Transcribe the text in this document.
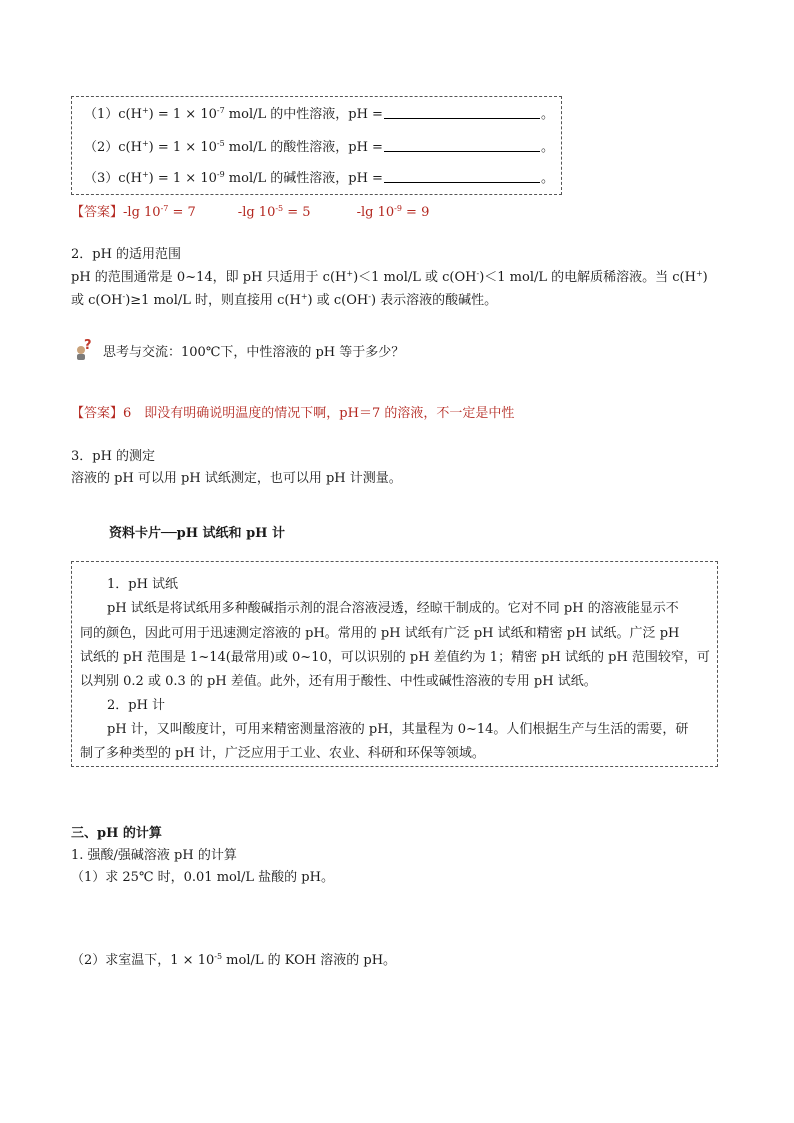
$(1)c(H^+) = 1 \times 10^{-7}$ mol/L 的中性溶液，pH =	。
$(2)c(H^+) = 1 \times 10^{-5}$ mol/L 的酸性溶液，pH =	。
$(3)c(H^+) = 1 \times 10^{-9}$ mol/L 的碱性溶液，pH =	。
【答案】-lg $10^{-7} = 7$	-lg $10^{-5} = 5$	-lg $10^{-9} = 9$
2．pH 的适用范围
pH 的范围通常是 0~14，即 pH 只适用于 c(H+)＜1 mol/L 或 c(OH-)＜1 mol/L 的电解质稀溶液。当 c(H+)
或 c(OH-)≥1 mol/L 时，则直接用 c(H+) 或 c(OH-) 表示溶液的酸碱性。
? 思考与交流：100℃下，中性溶液的 pH 等于多少？
【答案】6　即没有明确说明温度的情况下啊，pH＝7 的溶液，不一定是中性
3．pH 的测定
溶液的 pH 可以用 pH 试纸测定，也可以用 pH 计测量。
资料卡片──pH 试纸和 pH 计
1．pH 试纸
pH 试纸是将试纸用多种酸碱指示剂的混合溶液浸透，经晾干制成的。它对不同 pH 的溶液能显示不
同的颜色，因此可用于迅速测定溶液的 pH。常用的 pH 试纸有广泛 pH 试纸和精密 pH 试纸。广泛 pH
试纸的 pH 范围是 1~14(最常用)或 0~10，可以识别的 pH 差值约为 1；精密 pH 试纸的 pH 范围较窄，可
以判别 0.2 或 0.3 的 pH 差值。此外，还有用于酸性、中性或碱性溶液的专用 pH 试纸。
2．pH 计
pH 计，又叫酸度计，可用来精密测量溶液的 pH，其量程为 0~14。人们根据生产与生活的需要，研
制了多种类型的 pH 计，广泛应用于工业、农业、科研和环保等领域。
三、pH 的计算
1. 强酸/强碱溶液 pH 的计算
（1）求 25℃ 时，0.01 mol/L 盐酸的 pH。
（2）求室温下，$1 \times 10^{-5}$ mol/L 的 KOH 溶液的 pH。
